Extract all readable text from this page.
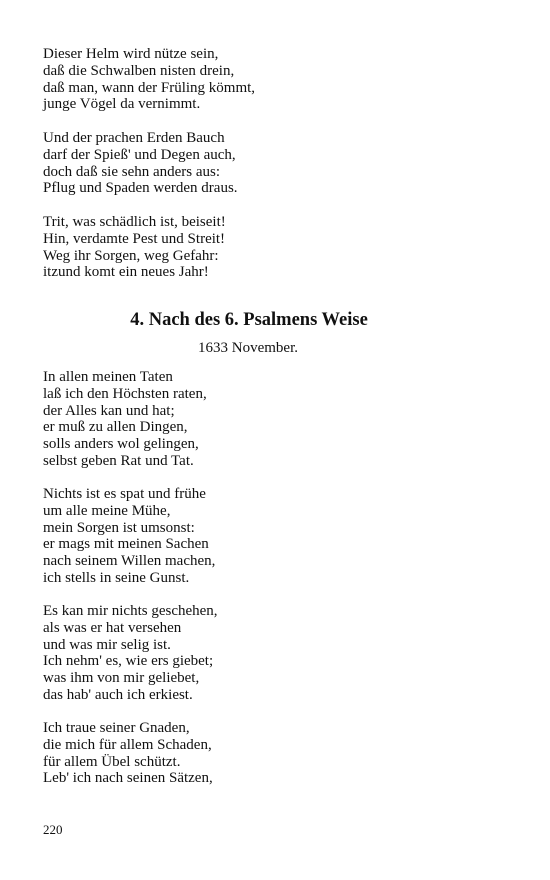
Dieser Helm wird nütze sein,
daß die Schwalben nisten drein,
daß man, wann der Früling kömmt,
junge Vögel da vernimmt.
Und der prachen Erden Bauch
darf der Spieß' und Degen auch,
doch daß sie sehn anders aus:
Pflug und Spaden werden draus.
Trit, was schädlich ist, beiseit!
Hin, verdamte Pest und Streit!
Weg ihr Sorgen, weg Gefahr:
itzund komt ein neues Jahr!
4. Nach des 6. Psalmens Weise
1633 November.
In allen meinen Taten
laß ich den Höchsten raten,
der Alles kan und hat;
er muß zu allen Dingen,
solls anders wol gelingen,
selbst geben Rat und Tat.
Nichts ist es spat und frühe
um alle meine Mühe,
mein Sorgen ist umsonst:
er mags mit meinen Sachen
nach seinem Willen machen,
ich stells in seine Gunst.
Es kan mir nichts geschehen,
als was er hat versehen
und was mir selig ist.
Ich nehm' es, wie ers giebet;
was ihm von mir geliebet,
das hab' auch ich erkiest.
Ich traue seiner Gnaden,
die mich für allem Schaden,
für allem Übel schützt.
Leb' ich nach seinen Sätzen,
220
